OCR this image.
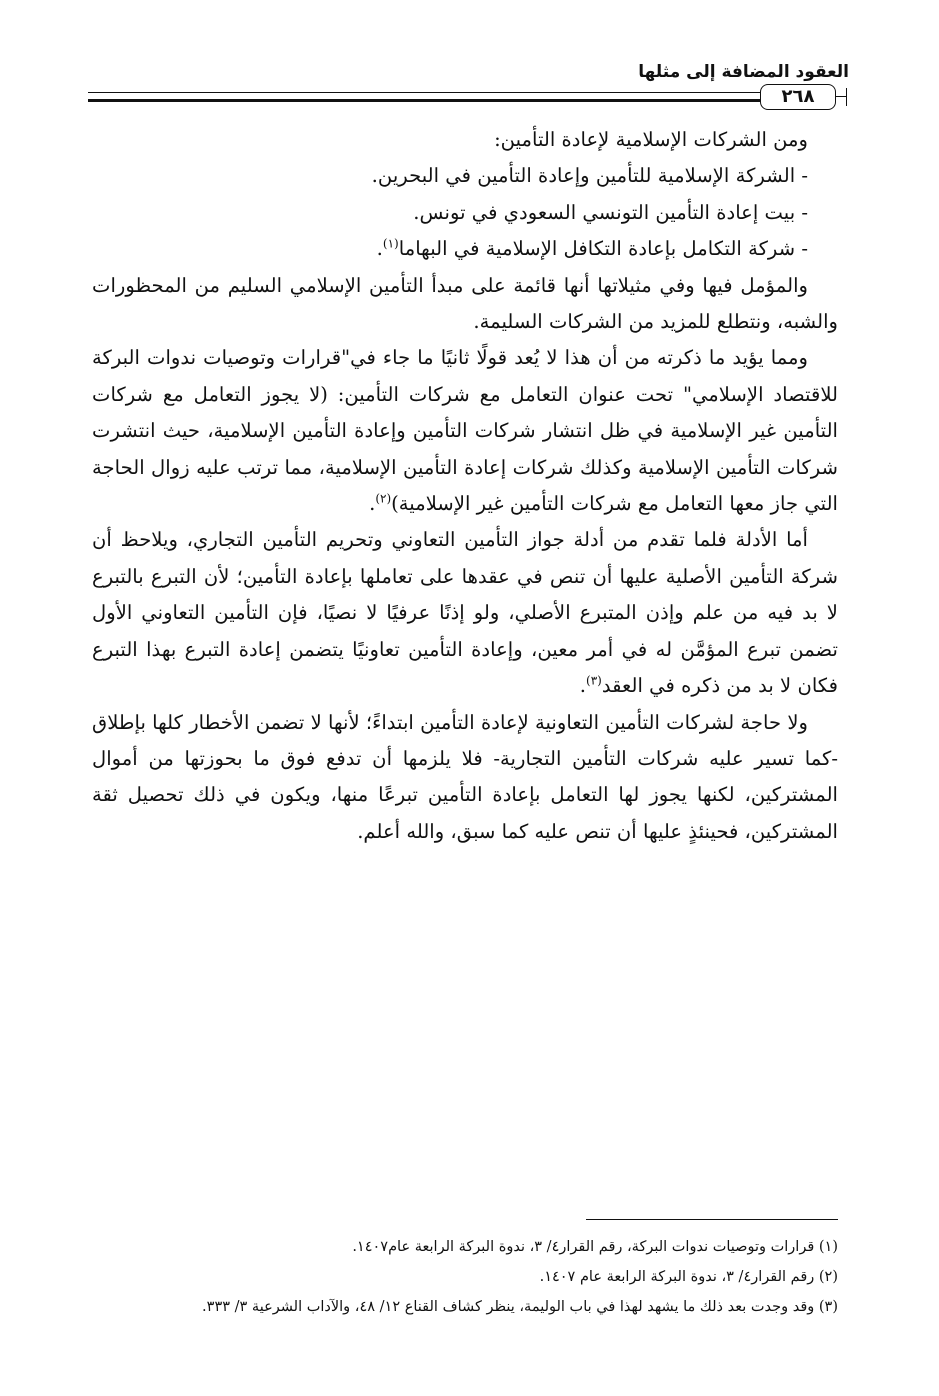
العقود المضافة إلى مثلها
٢٦٨

ومن الشركات الإسلامية لإعادة التأمين:

- الشركة الإسلامية للتأمين وإعادة التأمين في البحرين.

- بيت إعادة التأمين التونسي السعودي في تونس.

- شركة التكامل بإعادة التكافل الإسلامية في البهاما$^{(١)}$.

والمؤمل فيها وفي مثيلاتها أنها قائمة على مبدأ التأمين الإسلامي السليم من المحظورات والشبه، ونتطلع للمزيد من الشركات السليمة.

ومما يؤيد ما ذكرته من أن هذا لا يُعد قولًا ثانيًا ما جاء في"قرارات وتوصيات ندوات البركة للاقتصاد الإسلامي" تحت عنوان التعامل مع شركات التأمين: (لا يجوز التعامل مع شركات التأمين غير الإسلامية في ظل انتشار شركات التأمين وإعادة التأمين الإسلامية، حيث انتشرت شركات التأمين الإسلامية وكذلك شركات إعادة التأمين الإسلامية، مما ترتب عليه زوال الحاجة التي جاز معها التعامل مع شركات التأمين غير الإسلامية)$^{(٢)}$.

أما الأدلة فلما تقدم من أدلة جواز التأمين التعاوني وتحريم التأمين التجاري، ويلاحظ أن شركة التأمين الأصلية عليها أن تنص في عقدها على تعاملها بإعادة التأمين؛ لأن التبرع بالتبرع لا بد فيه من علم وإذن المتبرع الأصلي، ولو إذنًا عرفيًا لا نصيًا، فإن التأمين التعاوني الأول تضمن تبرع المؤمَّن له في أمر معين، وإعادة التأمين تعاونيًا يتضمن إعادة التبرع بهذا التبرع فكان لا بد من ذكره في العقد$^{(٣)}$.

ولا حاجة لشركات التأمين التعاونية لإعادة التأمين ابتداءً؛ لأنها لا تضمن الأخطار كلها بإطلاق -كما تسير عليه شركات التأمين التجارية- فلا يلزمها أن تدفع فوق ما بحوزتها من أموال المشتركين، لكنها يجوز لها التعامل بإعادة التأمين تبرعًا منها، ويكون في ذلك تحصيل ثقة المشتركين، فحينئذٍ عليها أن تنص عليه كما سبق، والله أعلم.

(١) قرارات وتوصيات ندوات البركة، رقم القرار٤/ ٣، ندوة البركة الرابعة عام١٤٠٧.

(٢) رقم القرار٤/ ٣، ندوة البركة الرابعة عام ١٤٠٧.

(٣) وقد وجدت بعد ذلك ما يشهد لهذا في باب الوليمة، ينظر كشاف القناع ١٢/ ٤٨، والآداب الشرعية ٣/ ٣٣٣.
